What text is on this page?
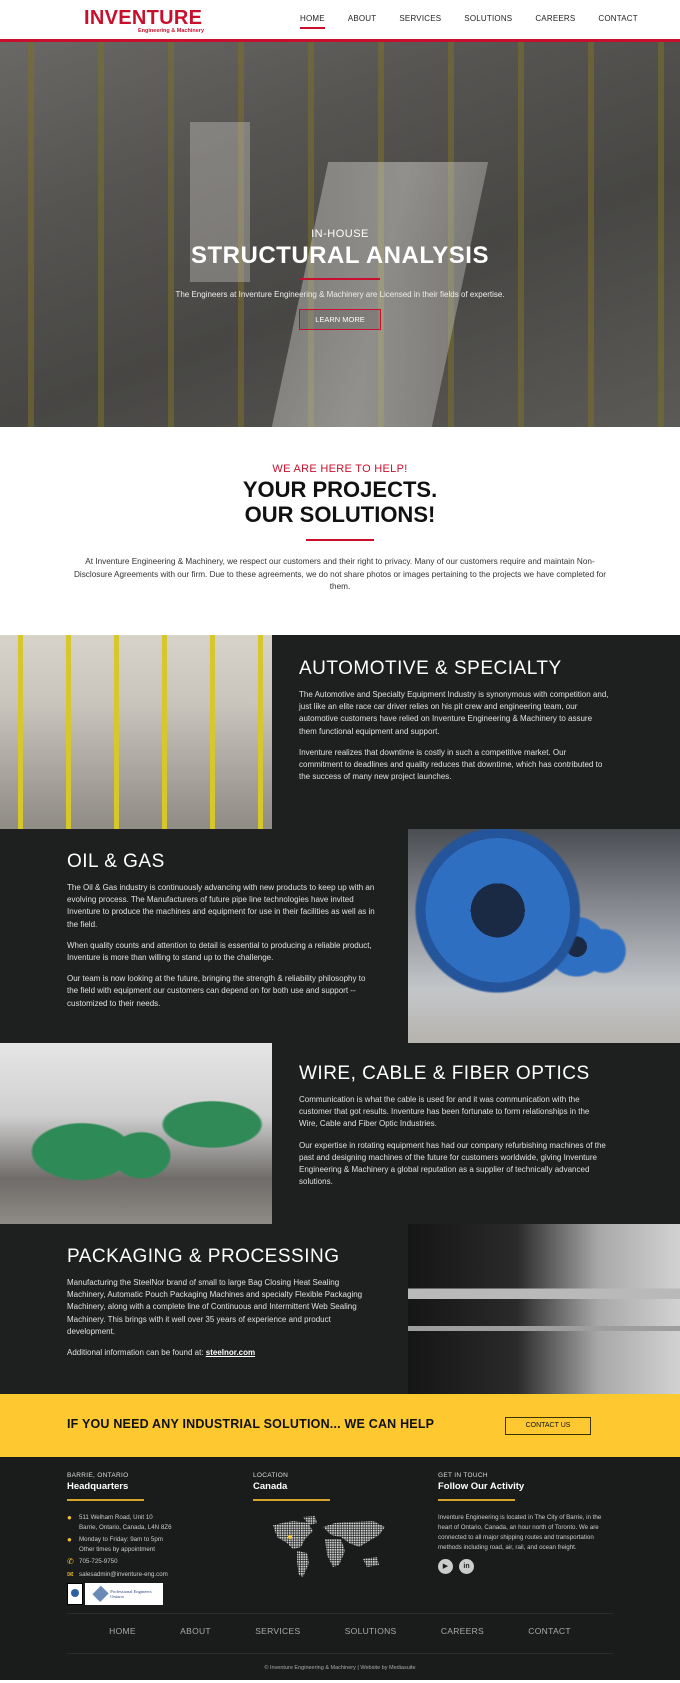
INVENTURE
Engineering & Machinery
HOME	ABOUT	SERVICES	SOLUTIONS	CAREERS	CONTACT
IN-HOUSE
STRUCTURAL ANALYSIS
The Engineers at Inventure Engineering & Machinery are Licensed in their fields of expertise.
LEARN MORE
WE ARE HERE TO HELP!
YOUR PROJECTS.
OUR SOLUTIONS!

At Inventure Engineering & Machinery, we respect our customers and their right to privacy. Many of our customers require and maintain Non-Disclosure Agreements with our firm. Due to these agreements, we do not share photos or images pertaining to the projects we have completed for them.

AUTOMOTIVE & SPECIALTY

The Automotive and Specialty Equipment Industry is synonymous with competition and, just like an elite race car driver relies on his pit crew and engineering team, our automotive customers have relied on Inventure Engineering & Machinery to assure them functional equipment and support.

Inventure realizes that downtime is costly in such a competitive market. Our commitment to deadlines and quality reduces that downtime, which has contributed to the success of many new project launches.

OIL & GAS

The Oil & Gas industry is continuously advancing with new products to keep up with an evolving process. The Manufacturers of future pipe line technologies have invited Inventure to produce the machines and equipment for use in their facilities as well as in the field.

When quality counts and attention to detail is essential to producing a reliable product, Inventure is more than willing to stand up to the challenge.

Our team is now looking at the future, bringing the strength & reliability philosophy to the field with equipment our customers can depend on for both use and support -- customized to their needs.

WIRE, CABLE & FIBER OPTICS

Communication is what the cable is used for and it was communication with the customer that got results. Inventure has been fortunate to form relationships in the Wire, Cable and Fiber Optic Industries.

Our expertise in rotating equipment has had our company refurbishing machines of the past and designing machines of the future for customers worldwide, giving Inventure Engineering & Machinery a global reputation as a supplier of technically advanced solutions.

PACKAGING & PROCESSING

Manufacturing the SteelNor brand of small to large Bag Closing Heat Sealing Machinery, Automatic Pouch Packaging Machines and specialty Flexible Packaging Machinery, along with a complete line of Continuous and Intermittent Web Sealing Machinery. This brings with it well over 35 years of experience and product development.

Additional information can be found at: steelnor.com

IF YOU NEED ANY INDUSTRIAL SOLUTION... WE CAN HELP	CONTACT US
BARRIE, ONTARIO
Headquarters
●	511 Welham Road, Unit 10
Barrie, Ontario, Canada, L4N 8Z6
●	Monday to Friday: 9am to 5pm
Other times by appointment
✆ 705-725-9750
✉ salesadmin@inventure-eng.com
Professional Engineers Ontario
LOCATION
Canada
GET IN TOUCH
Follow Our Activity

Inventure Engineering is located in The City of Barrie, in the heart of Ontario, Canada, an hour north of Toronto. We are connected to all major shipping routes and transportation methods including road, air, rail, and ocean freight.

▶	in
HOME	ABOUT	SERVICES	SOLUTIONS	CAREERS	CONTACT
© Inventure Engineering & Machinery | Website by Mediasuite
